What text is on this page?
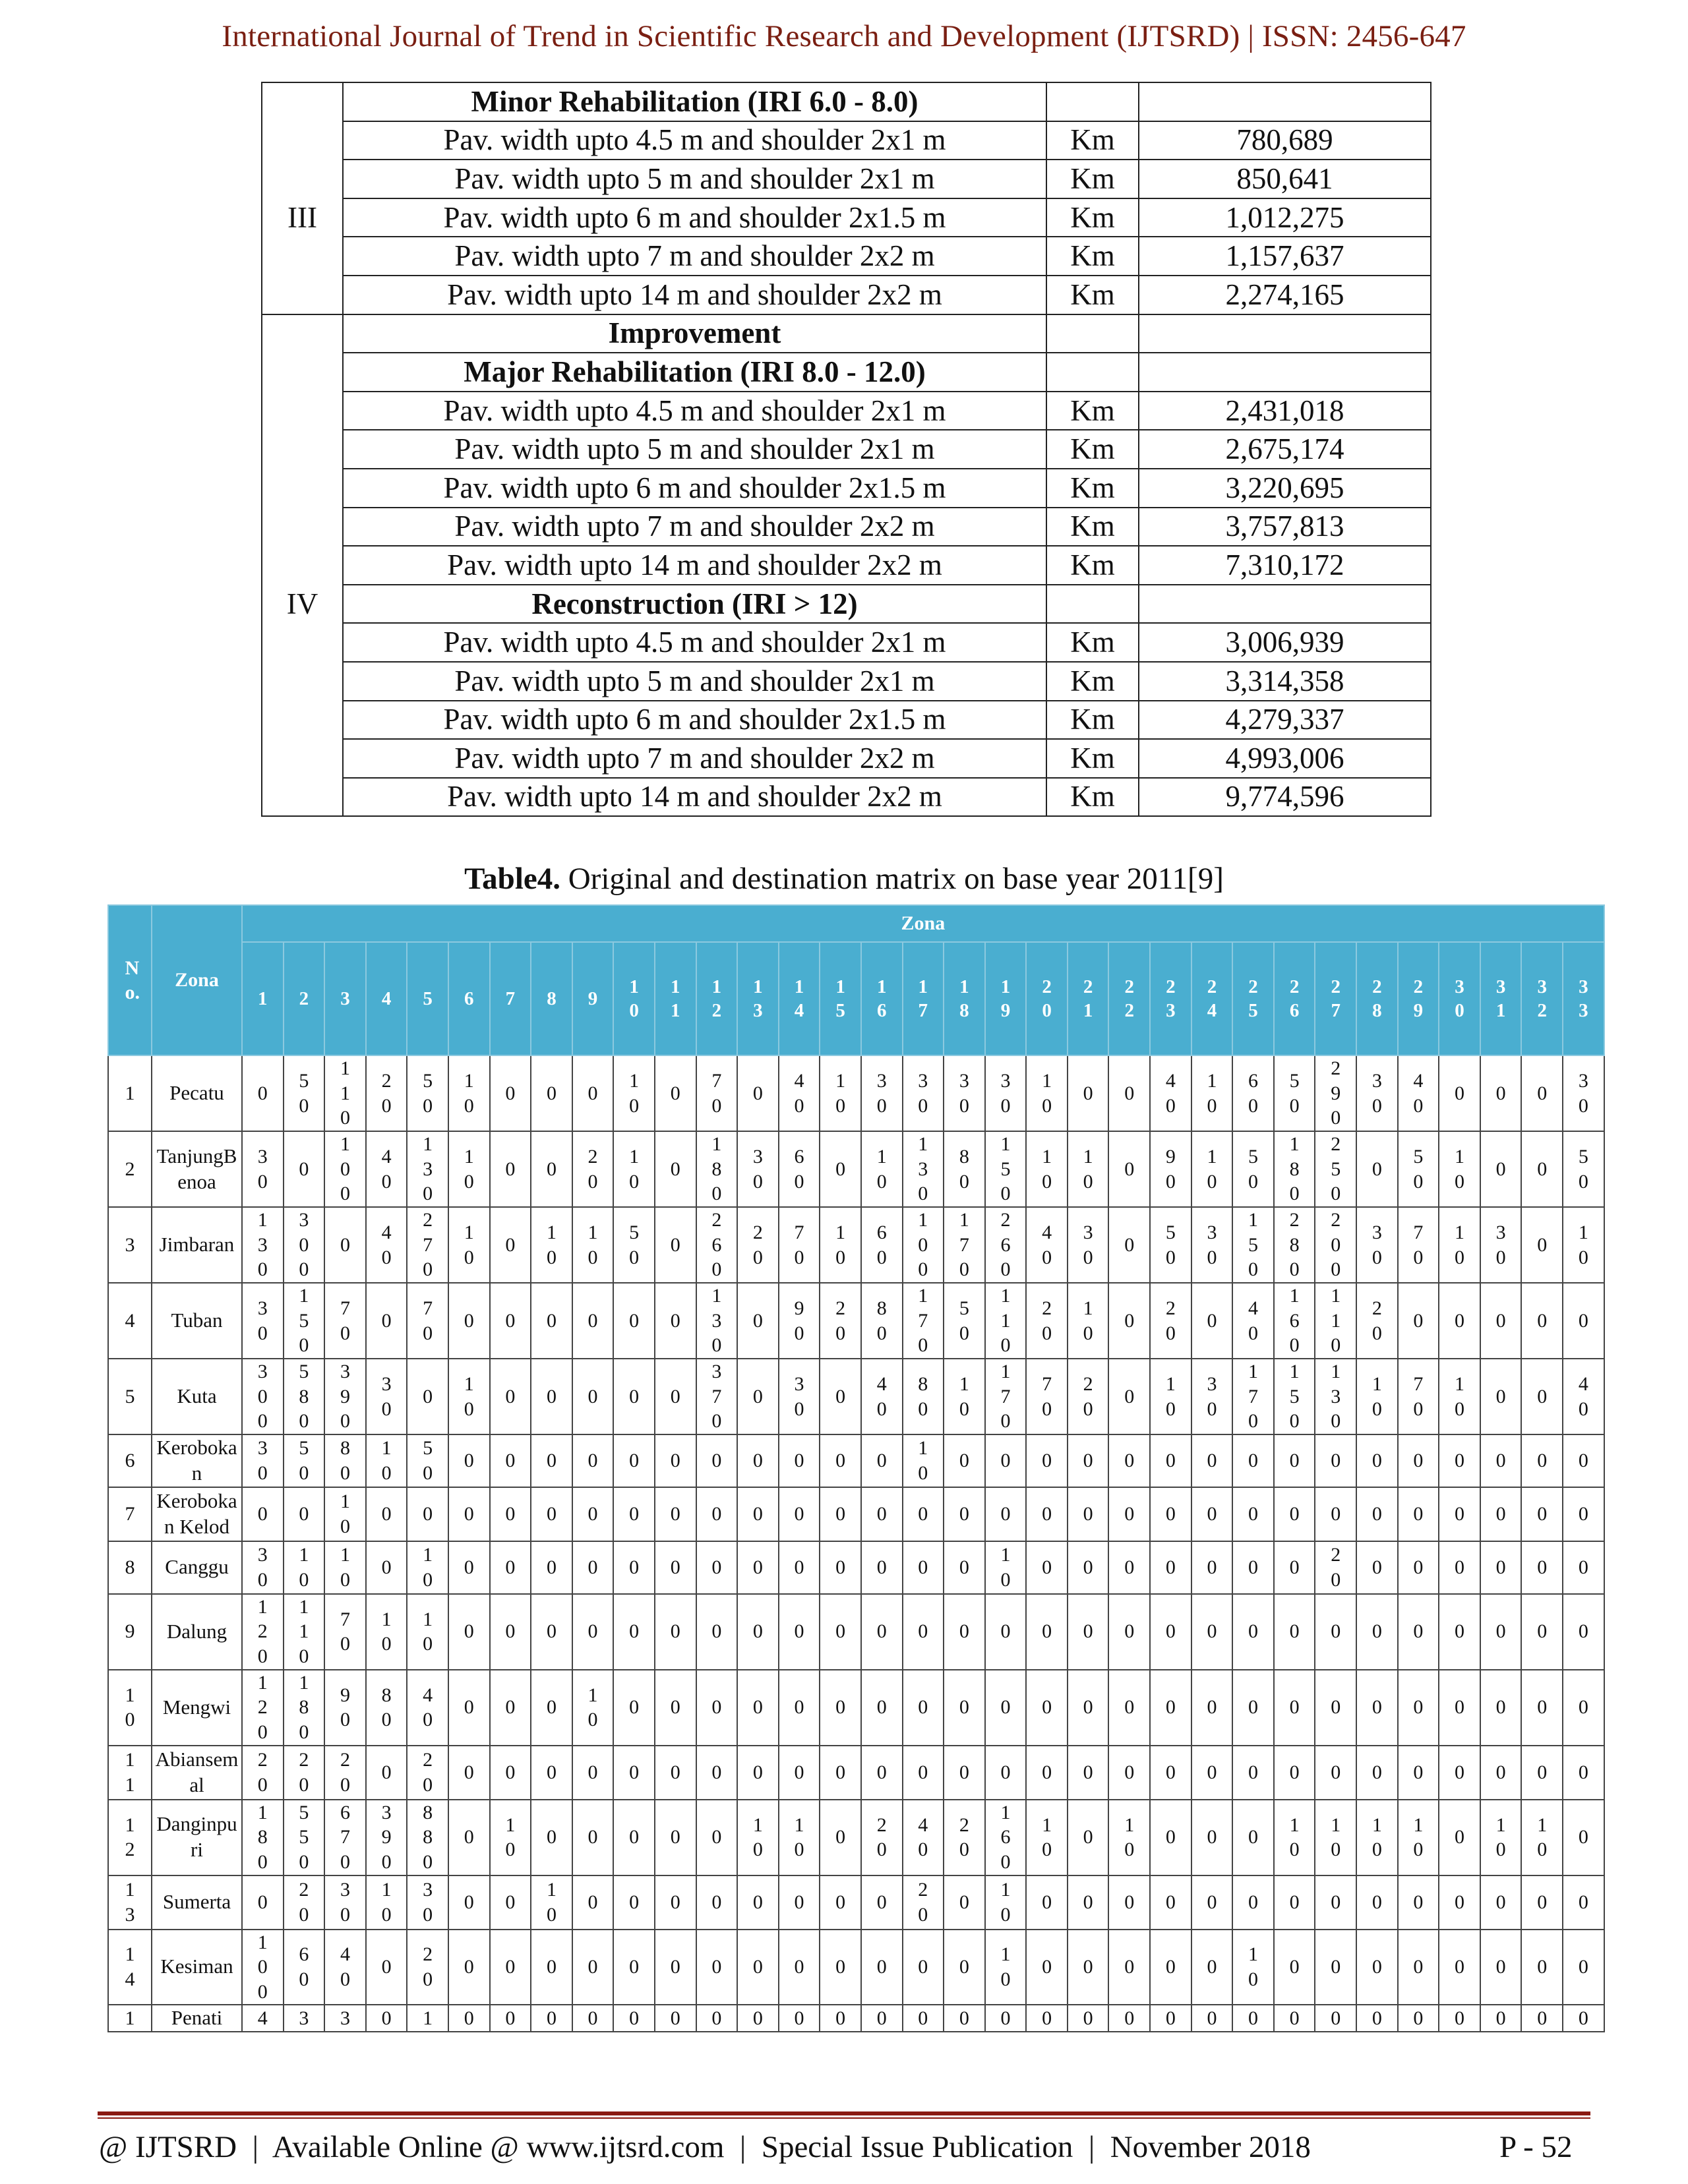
International Journal of Trend in Scientific Research and Development (IJTSRD) | ISSN: 2456-647
	Minor Rehabilitation (IRI 6.0 - 8.0)		
	Pav. width upto 4.5 m and shoulder 2x1 m	Km	780,689
	Pav. width upto 5 m and shoulder 2x1 m	Km	850,641
III	Pav. width upto 6 m and shoulder 2x1.5 m	Km	1,012,275
	Pav. width upto 7 m and shoulder 2x2 m	Km	1,157,637
	Pav. width upto 14 m and shoulder 2x2 m	Km	2,274,165
	Improvement		
	Major Rehabilitation (IRI 8.0 - 12.0)		
	Pav. width upto 4.5 m and shoulder 2x1 m	Km	2,431,018
	Pav. width upto 5 m and shoulder 2x1 m	Km	2,675,174
	Pav. width upto 6 m and shoulder 2x1.5 m	Km	3,220,695
	Pav. width upto 7 m and shoulder 2x2 m	Km	3,757,813
	Pav. width upto 14 m and shoulder 2x2 m	Km	7,310,172
IV	Reconstruction (IRI > 12)		
	Pav. width upto 4.5 m and shoulder 2x1 m	Km	3,006,939
	Pav. width upto 5 m and shoulder 2x1 m	Km	3,314,358
	Pav. width upto 6 m and shoulder 2x1.5 m	Km	4,279,337
	Pav. width upto 7 m and shoulder 2x2 m	Km	4,993,006
	Pav. width upto 14 m and shoulder 2x2 m	Km	9,774,596
Table4. Original and destination matrix on base year 2011[9]
No.	Zona	Zona																																
		1	2	3	4	5	6	7	8	9	10	11	12	13	14	15	16	17	18	19	20	21	22	23	24	25	26	27	28	29	30	31	32	33
1	Pecatu	0	50	110	20	50	10	0	0	0	10	0	70	0	40	10	30	30	30	30	10	0	0	40	10	60	50	290	30	40	0	0	0	30
2	TanjungBenoa	30	0	100	40	130	10	0	0	20	10	0	180	30	60	0	10	130	80	150	10	10	0	90	10	50	180	250	0	50	10	0	0	50
3	Jimbaran	130	300	0	40	270	10	0	10	10	50	0	260	20	70	10	60	100	170	260	40	30	0	50	30	150	280	200	30	70	10	30	0	10
4	Tuban	30	150	70	0	70	0	0	0	0	0	0	130	0	90	20	80	170	50	110	20	10	0	20	0	40	160	110	20	0	0	0	0	0
5	Kuta	300	580	390	30	0	10	0	0	0	0	0	370	0	30	0	40	80	10	170	70	20	0	10	30	170	150	130	10	70	10	0	0	40
6	Kerobokan	30	50	80	10	50	0	0	0	0	0	0	0	0	0	0	0	10	0	0	0	0	0	0	0	0	0	0	0	0	0	0	0	0
7	Kerobokan Kelod	0	0	10	0	0	0	0	0	0	0	0	0	0	0	0	0	0	0	0	0	0	0	0	0	0	0	0	0	0	0	0	0	0
8	Canggu	30	10	10	0	10	0	0	0	0	0	0	0	0	0	0	0	0	0	10	0	0	0	0	0	0	0	20	0	0	0	0	0	0
9	Dalung	120	110	70	10	10	0	0	0	0	0	0	0	0	0	0	0	0	0	0	0	0	0	0	0	0	0	0	0	0	0	0	0	0
10	Mengwi	120	180	90	80	40	0	0	0	10	0	0	0	0	0	0	0	0	0	0	0	0	0	0	0	0	0	0	0	0	0	0	0	0
11	Abiansemal	20	20	20	0	20	0	0	0	0	0	0	0	0	0	0	0	0	0	0	0	0	0	0	0	0	0	0	0	0	0	0	0	0
12	Danginpuri	180	550	670	390	880	0	10	0	0	0	0	0	10	10	0	20	40	20	160	10	0	10	0	0	0	10	10	10	10	0	10	10	0
13	Sumerta	0	20	30	10	30	0	0	10	0	0	0	0	0	0	0	0	20	0	10	0	0	0	0	0	0	0	0	0	0	0	0	0	0
14	Kesiman	100	60	40	0	20	0	0	0	0	0	0	0	0	0	0	0	0	0	10	0	0	0	0	0	10	0	0	0	0	0	0	0	0
1	Penati	4	3	3	0	1	0	0	0	0	0	0	0	0	0	0	0	0	0	0	0	0	0	0	0	0	0	0	0	0	0	0	0	0
@ IJTSRD  |  Available Online @ www.ijtsrd.com  |  Special Issue Publication  |  November 2018	P - 52
